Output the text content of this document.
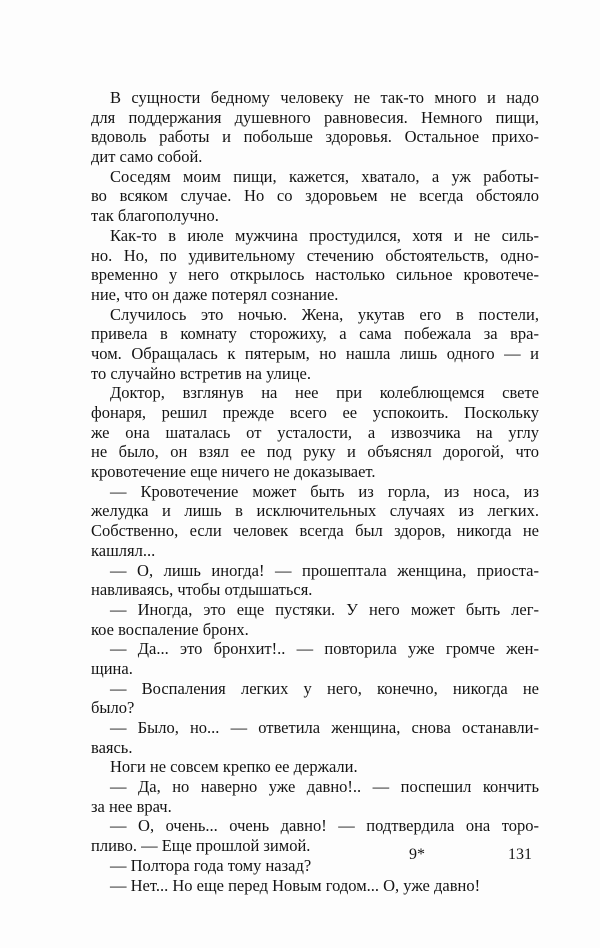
В сущности бедному человеку не так-то много и надо
для поддержания душевного равновесия. Немного пищи,
вдоволь работы и побольше здоровья. Остальное прихо-
дит само собой.
Соседям моим пищи, кажется, хватало, а уж работы-
во всяком случае. Но со здоровьем не всегда обстояло
так благополучно.
Как-то в июле мужчина простудился, хотя и не силь-
но. Но, по удивительному стечению обстоятельств, одно-
временно у него открылось настолько сильное кровотече-
ние, что он даже потерял сознание.
Случилось это ночью. Жена, укутав его в постели,
привела в комнату сторожиху, а сама побежала за вра-
чом. Обращалась к пятерым, но нашла лишь одного — и
то случайно встретив на улице.
Доктор, взглянув на нее при колеблющемся свете
фонаря, решил прежде всего ее успокоить. Поскольку
же она шаталась от усталости, а извозчика на углу
не было, он взял ее под руку и объяснял дорогой, что
кровотечение еще ничего не доказывает.
— Кровотечение может быть из горла, из носа, из
желудка и лишь в исключительных случаях из легких.
Собственно, если человек всегда был здоров, никогда не
кашлял...
— О, лишь иногда! — прошептала женщина, приоста-
навливаясь, чтобы отдышаться.
— Иногда, это еще пустяки. У него может быть лег-
кое воспаление бронх.
— Да... это бронхит!.. — повторила уже громче жен-
щина.
— Воспаления легких у него, конечно, никогда не
было?
— Было, но... — ответила женщина, снова останавли-
ваясь.
Ноги не совсем крепко ее держали.
— Да, но наверно уже давно!.. — поспешил кончить
за нее врач.
— О, очень... очень давно! — подтвердила она торо-
пливо. — Еще прошлой зимой.
— Полтора года тому назад?
— Нет... Но еще перед Новым годом... О, уже давно!
9*	131
